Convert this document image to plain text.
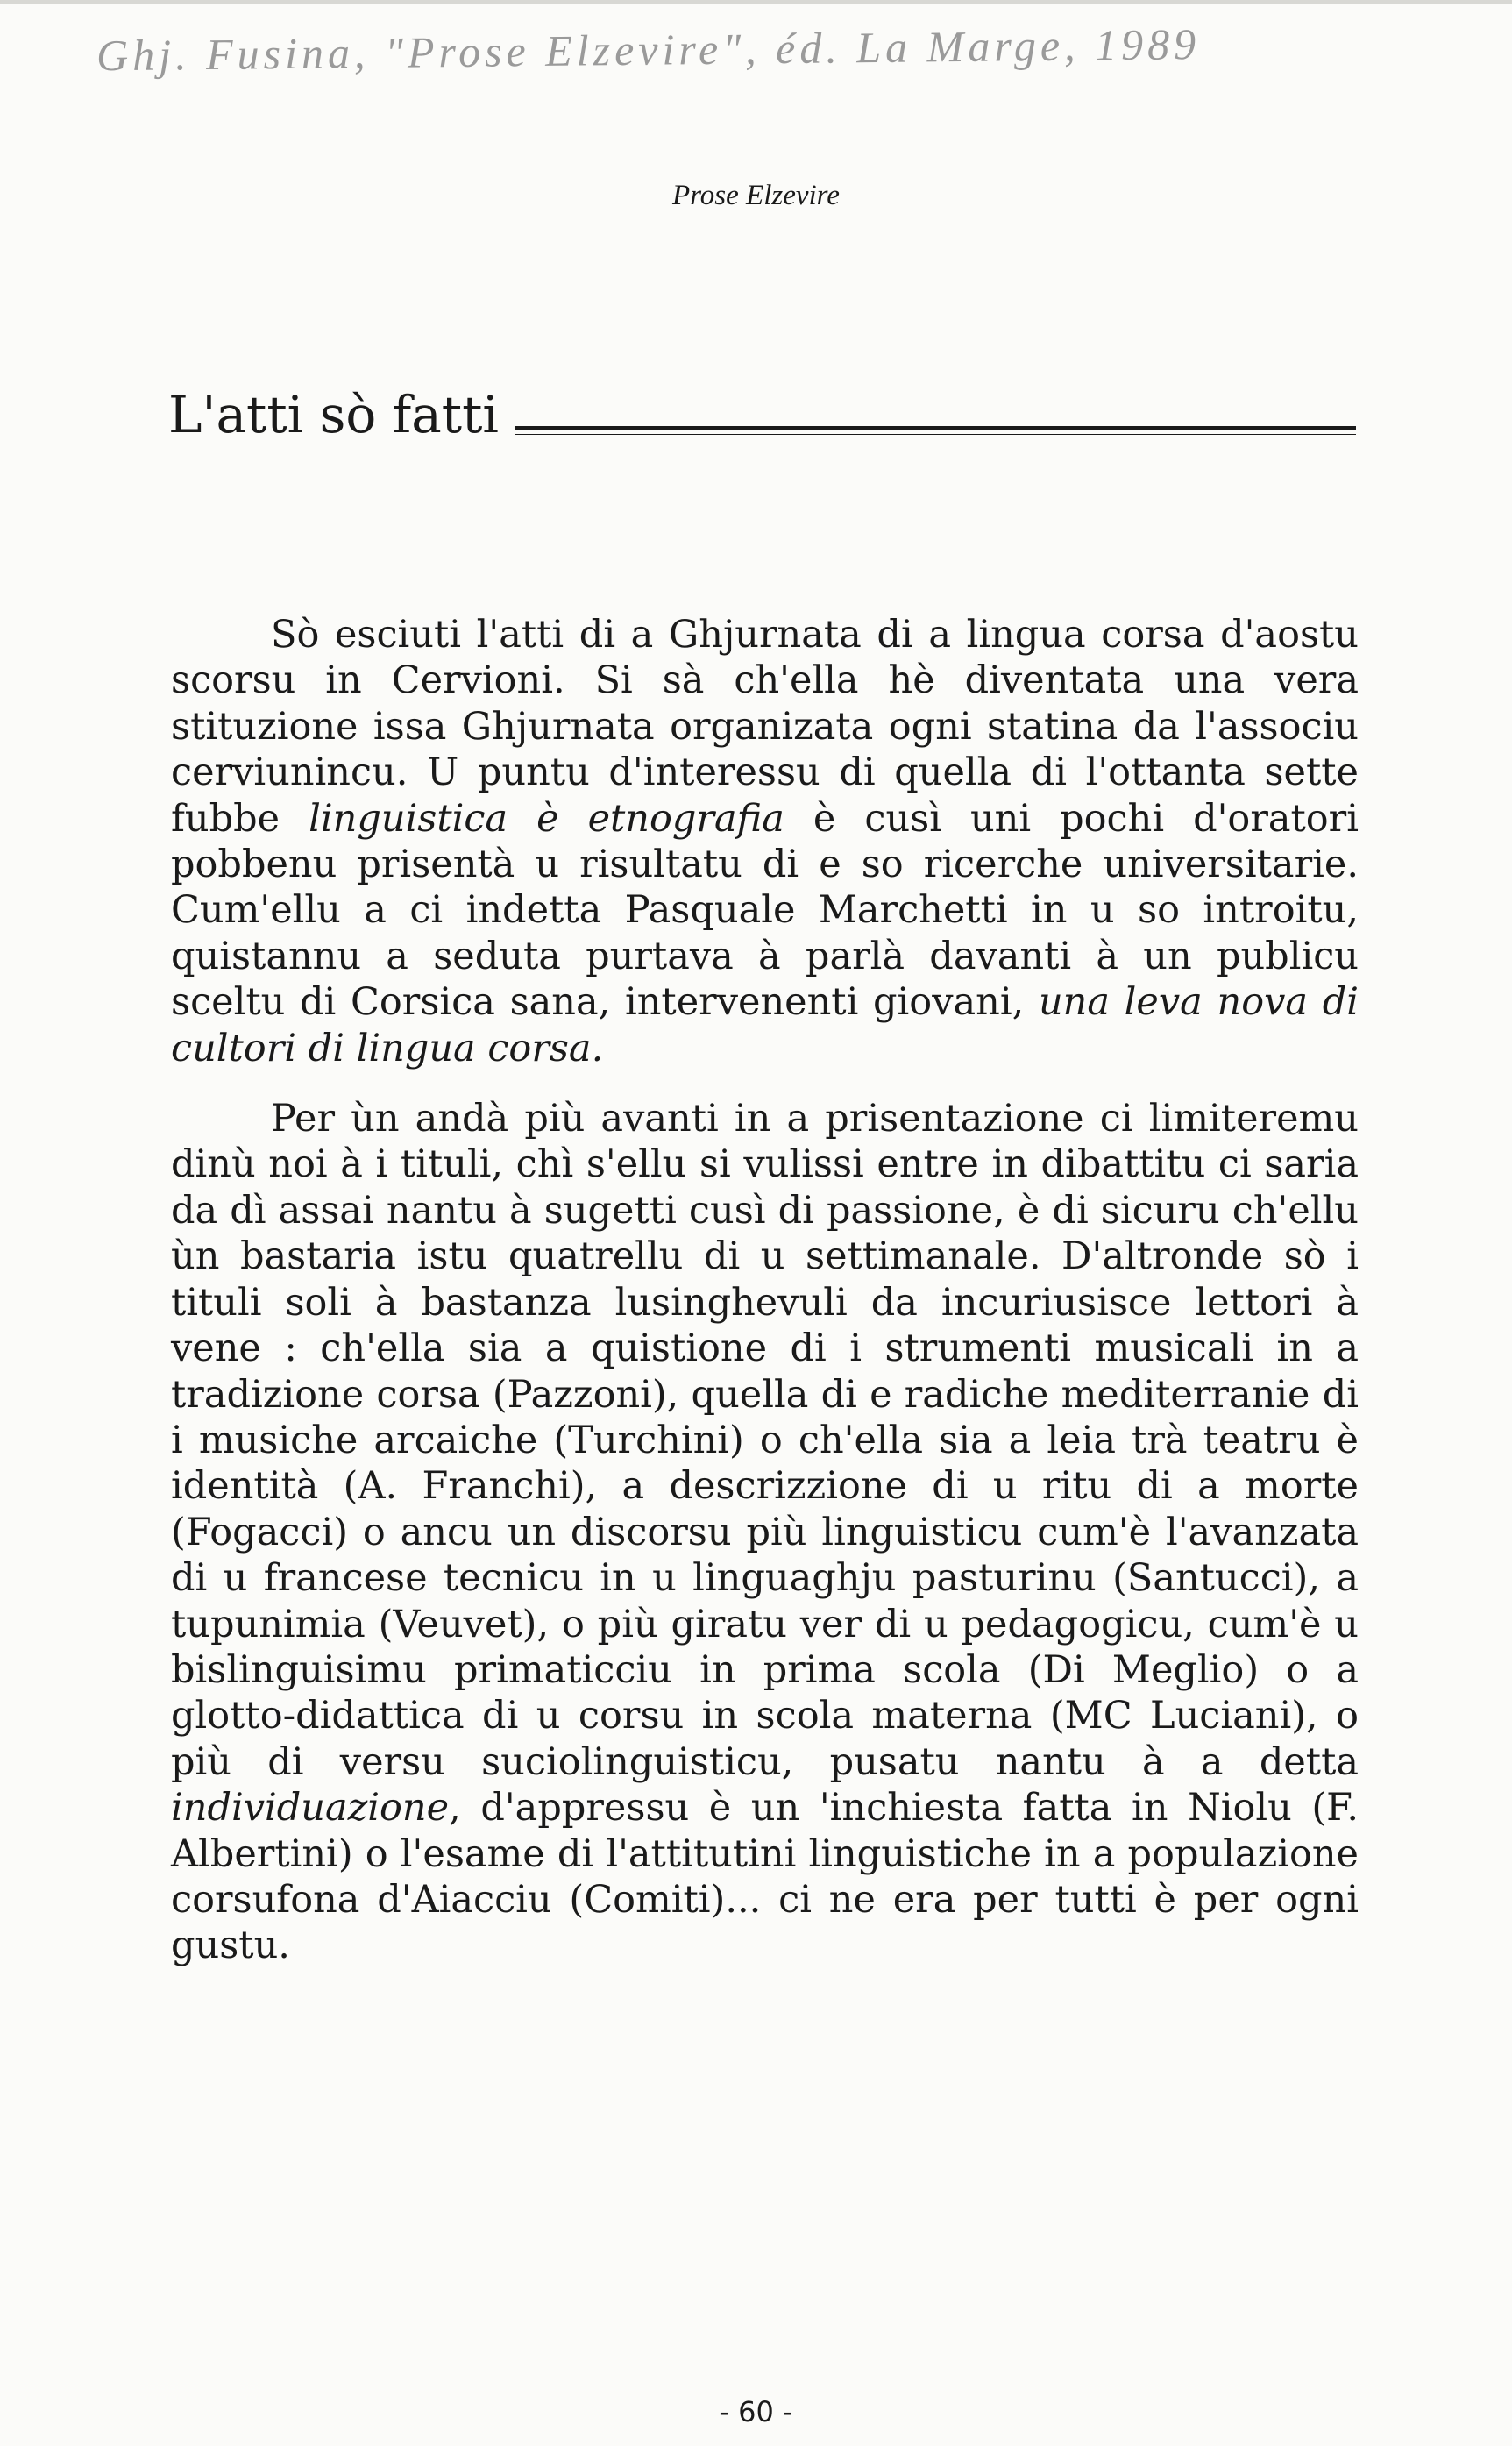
Ghj. Fusina, "Prose Elzevire", éd. La Marge, 1989
Prose Elzevire
L'atti sò fatti

Sò esciuti l'atti di a Ghjurnata di a lingua corsa d'aostu scorsu in Cervioni. Si sà ch'ella hè diventata una vera stituzione issa Ghjurnata organizata ogni statina da l'associu cerviunincu. U puntu d'interessu di quella di l'ottanta sette fubbe linguistica è etnografia è cusì uni pochi d'oratori pobbenu prisentà u risultatu di e so ricerche universitarie. Cum'ellu a ci indetta Pasquale Marchetti in u so introitu, quistannu a seduta purtava à parlà davanti à un publicu sceltu di Corsica sana, intervenenti giovani, una leva nova di cultori di lingua corsa.

Per ùn andà più avanti in a prisentazione ci limiteremu dinù noi à i tituli, chì s'ellu si vulissi entre in dibattitu ci saria da dì assai nantu à sugetti cusì di passione, è di sicuru ch'ellu ùn bastaria istu quatrellu di u settimanale. D'altronde sò i tituli soli à bastanza lusinghevuli da incuriusisce lettori à vene : ch'ella sia a quistione di i strumenti musicali in a tradizione corsa (Pazzoni), quella di e radiche mediterranie di i musiche arcaiche (Turchini) o ch'ella sia a leia trà teatru è identità (A. Franchi), a descrizzione di u ritu di a morte (Fogacci) o ancu un discorsu più linguisticu cum'è l'avanzata di u francese tecnicu in u linguaghju pasturinu (Santucci), a tupunimia (Veuvet), o più giratu ver di u pedagogicu, cum'è u bislinguisimu primaticciu in prima scola (Di Meglio) o a glotto-didattica di u corsu in scola materna (MC Luciani), o più di versu suciolinguisticu, pusatu nantu à a detta individuazione, d'appressu è un 'inchiesta fatta in Niolu (F. Albertini) o l'esame di l'attitutini linguistiche in a populazione corsufona d'Aiacciu (Comiti)... ci ne era per tutti è per ogni gustu.

- 60 -
